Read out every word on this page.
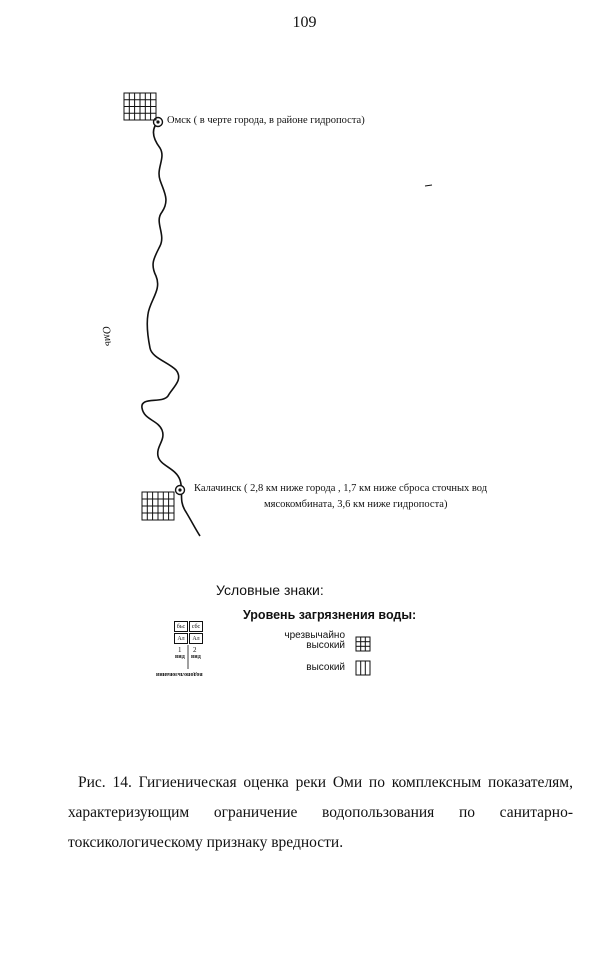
109
Омск ( в черте города, в районе гидропоста)
Омь
Калачинск ( 2,8 км ниже города , 1,7 км ниже сброса сточных вод
мясокомбината, 3,6 км ниже гидропоста)
Условные знаки:
Уровень загрязнения воды:
бьс	сбс
Ал	Ал
1 2
вид вид
водопользования
чрезвычайно
высокий
высокий

Рис. 14. Гигиеническая оценка реки Оми по комплексным показателям, характеризующим ограничение водопользования по санитарно-токсикологическому признаку вредности.
